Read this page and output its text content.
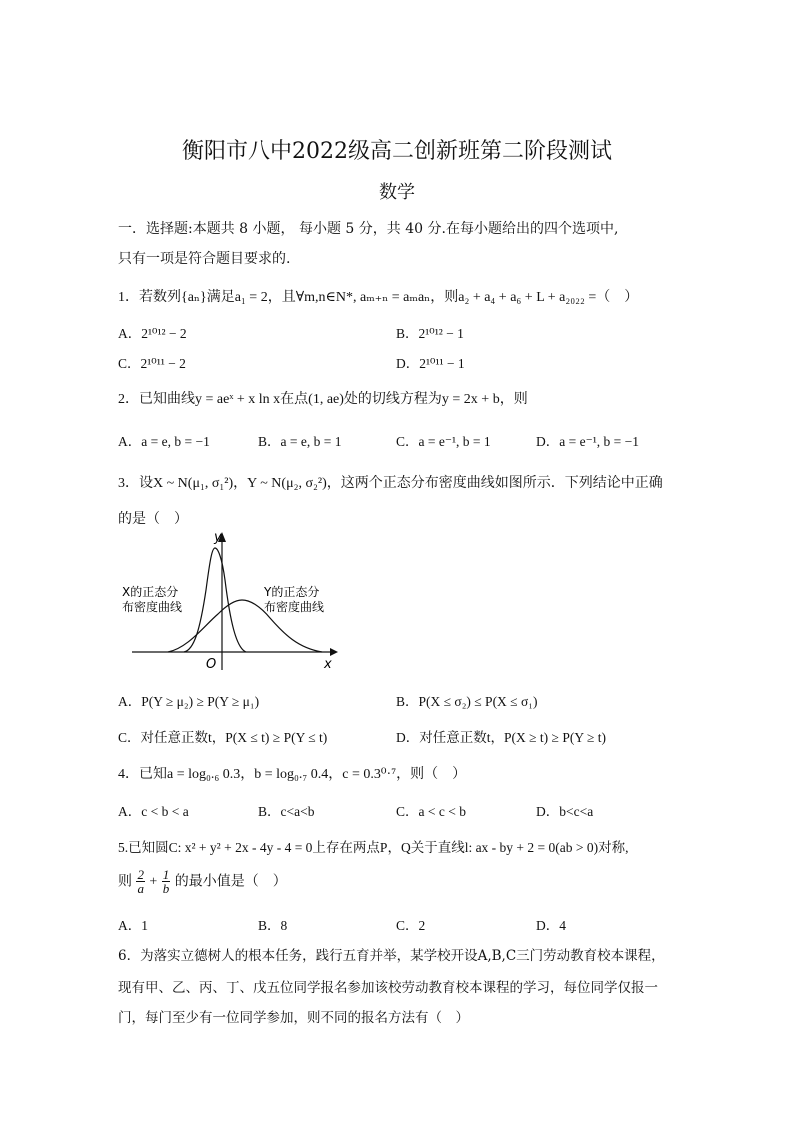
衡阳市八中2022级高二创新班第二阶段测试
数学
一．选择题:本题共 8 小题， 每小题 5 分，共 40 分.在每小题给出的四个选项中,
只有一项是符合题目要求的.
1．若数列{aₙ}满足a₁ = 2，且∀m,n∈N*, aₘ₊ₙ = aₘaₙ，则a₂ + a₄ + a₆ + L + a₂₀₂₂ =（　）
A．2¹⁰¹² − 2	B．2¹⁰¹² − 1
C．2¹⁰¹¹ − 2	D．2¹⁰¹¹ − 1
2．已知曲线y = aeˣ + x ln x在点(1, ae)处的切线方程为y = 2x + b，则
A．a = e, b = −1	B．a = e, b = 1	C．a = e⁻¹, b = 1	D．a = e⁻¹, b = −1
3．设X ~ N(μ₁, σ₁²)，Y ~ N(μ₂, σ₂²)，这两个正态分布密度曲线如图所示．下列结论中正确
的是（　）
y
x
O
X的正态分
布密度曲线
Y的正态分
布密度曲线
A．P(Y ≥ μ₂) ≥ P(Y ≥ μ₁)	B．P(X ≤ σ₂) ≤ P(X ≤ σ₁)
C．对任意正数t，P(X ≤ t) ≥ P(Y ≤ t)	D．对任意正数t，P(X ≥ t) ≥ P(Y ≥ t)
4．已知a = log₀.₆ 0.3，b = log₀.₇ 0.4，c = 0.3⁰·⁷，则（　）
A．c < b < a	B．c<a<b	C．a < c < b	D．b<c<a
5.已知圆C: x² + y² + 2x - 4y - 4 = 0上存在两点P，Q关于直线l: ax - by + 2 = 0(ab > 0)对称,
则 $\frac{2}{a} + \frac{1}{b}$ 的最小值是（　）
A．1	B．8	C．2	D．4
6．为落实立德树人的根本任务，践行五育并举，某学校开设A,B,C三门劳动教育校本课程，
现有甲、乙、丙、丁、戊五位同学报名参加该校劳动教育校本课程的学习，每位同学仅报一
门，每门至少有一位同学参加，则不同的报名方法有（　）
